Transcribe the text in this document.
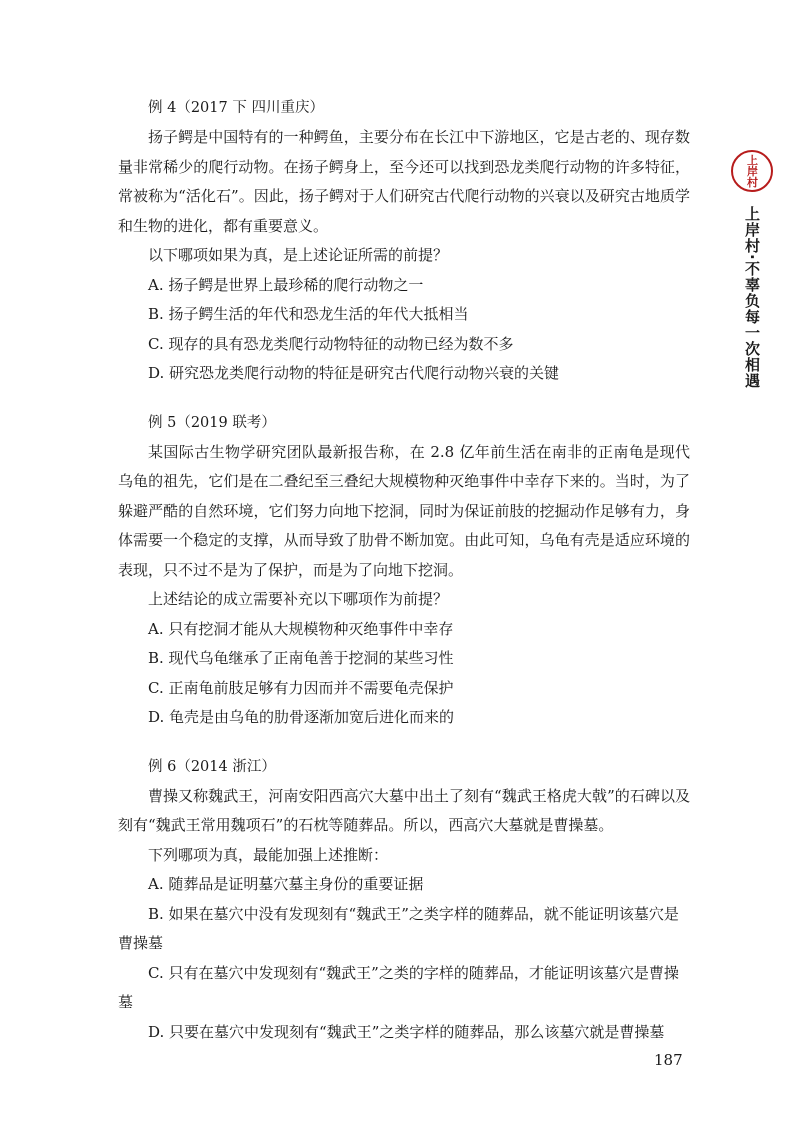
上
岸
村
上岸村·不辜负每一次相遇
例 4（2017 下 四川重庆）

扬子鳄是中国特有的一种鳄鱼，主要分布在长江中下游地区，它是古老的、现存数量非常稀少的爬行动物。在扬子鳄身上，至今还可以找到恐龙类爬行动物的许多特征，常被称为“活化石”。因此，扬子鳄对于人们研究古代爬行动物的兴衰以及研究古地质学和生物的进化，都有重要意义。

以下哪项如果为真，是上述论证所需的前提？

A. 扬子鳄是世界上最珍稀的爬行动物之一

B. 扬子鳄生活的年代和恐龙生活的年代大抵相当

C. 现存的具有恐龙类爬行动物特征的动物已经为数不多

D. 研究恐龙类爬行动物的特征是研究古代爬行动物兴衰的关键

例 5（2019 联考）

某国际古生物学研究团队最新报告称，在 2.8 亿年前生活在南非的正南龟是现代乌龟的祖先，它们是在二叠纪至三叠纪大规模物种灭绝事件中幸存下来的。当时，为了躲避严酷的自然环境，它们努力向地下挖洞，同时为保证前肢的挖掘动作足够有力，身体需要一个稳定的支撑，从而导致了肋骨不断加宽。由此可知，乌龟有壳是适应环境的表现，只不过不是为了保护，而是为了向地下挖洞。

上述结论的成立需要补充以下哪项作为前提？

A. 只有挖洞才能从大规模物种灭绝事件中幸存

B. 现代乌龟继承了正南龟善于挖洞的某些习性

C. 正南龟前肢足够有力因而并不需要龟壳保护

D. 龟壳是由乌龟的肋骨逐渐加宽后进化而来的

例 6（2014 浙江）

曹操又称魏武王，河南安阳西高穴大墓中出土了刻有“魏武王格虎大戟”的石碑以及刻有“魏武王常用魏项石”的石枕等随葬品。所以，西高穴大墓就是曹操墓。

下列哪项为真，最能加强上述推断：

A. 随葬品是证明墓穴墓主身份的重要证据

B. 如果在墓穴中没有发现刻有“魏武王”之类字样的随葬品，就不能证明该墓穴是曹操墓

C. 只有在墓穴中发现刻有“魏武王”之类的字样的随葬品，才能证明该墓穴是曹操墓

D. 只要在墓穴中发现刻有“魏武王”之类字样的随葬品，那么该墓穴就是曹操墓

187
